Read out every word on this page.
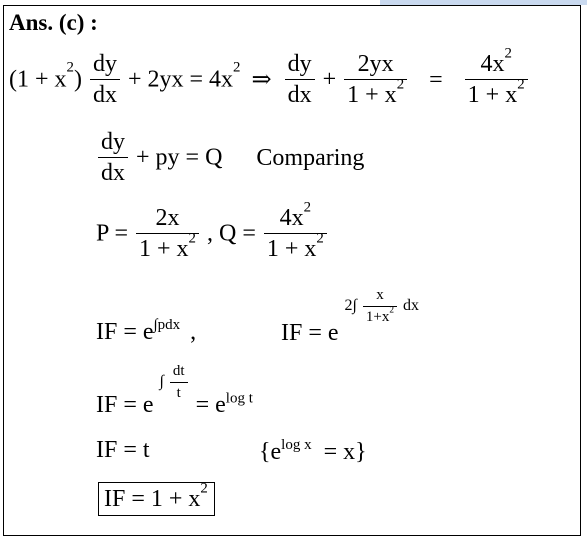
Ans. (c) :
$(1 + x^2) \frac{dy}{dx} + 2yx = 4x^2$ ⇒ $\frac{dy}{dx} + \frac{2yx}{1 + x^2} = \frac{4x^2}{1 + x^2}$
$\frac{dy}{dx}$ + py = Q Comparing
$P = \frac{2x}{1 + x^2}$ , $Q = \frac{4x^2}{1 + x^2}$
IF = $e^{\int pdx}$ ,	IF = e $2\int \frac{x}{1+x^2}$ dx
IF = e ∫ $\frac{dt}{t}$
= $e^{log t}$
IF = t	$\{e^{log x} = x\}$
IF = $1 + x^2$
